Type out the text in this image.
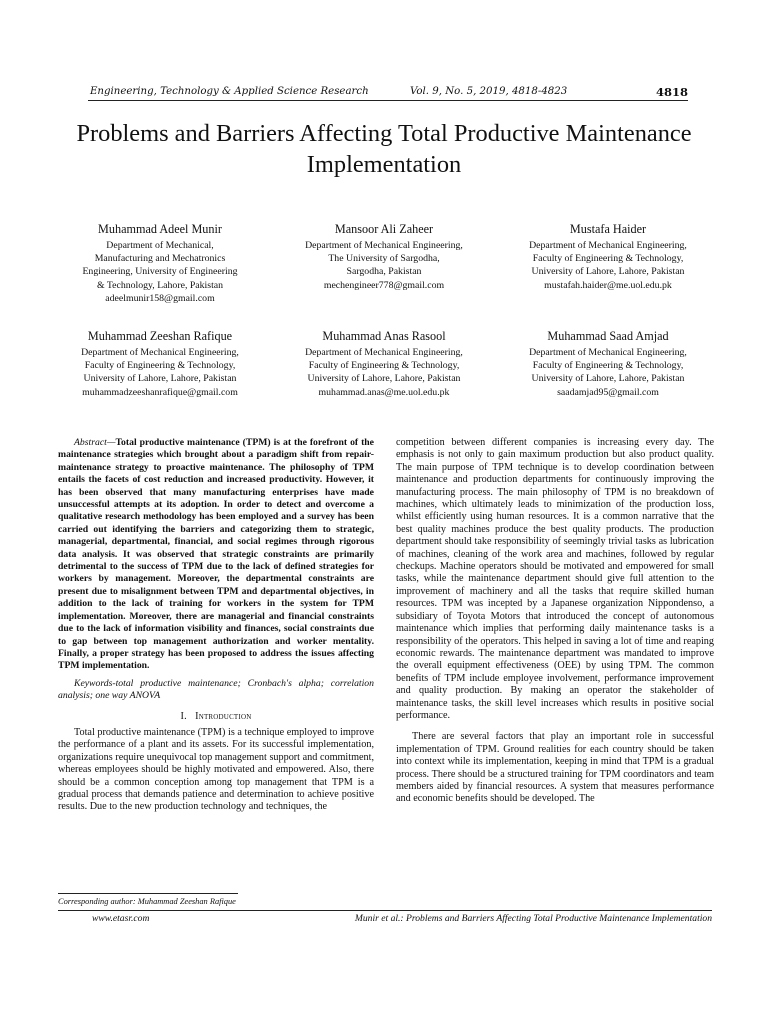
Engineering, Technology & Applied Science Research	Vol. 9, No. 5, 2019, 4818-4823	4818
Problems and Barriers Affecting Total Productive Maintenance Implementation
Muhammad Adeel Munir
Department of Mechanical,
Manufacturing and Mechatronics
Engineering, University of Engineering
& Technology, Lahore, Pakistan
adeelmunir158@gmail.com
Mansoor Ali Zaheer
Department of Mechanical Engineering,
The University of Sargodha,
Sargodha, Pakistan
mechengineer778@gmail.com
Mustafa Haider
Department of Mechanical Engineering,
Faculty of Engineering & Technology,
University of Lahore, Lahore, Pakistan
mustafah.haider@me.uol.edu.pk
Muhammad Zeeshan Rafique
Department of Mechanical Engineering,
Faculty of Engineering & Technology,
University of Lahore, Lahore, Pakistan
muhammadzeeshanrafique@gmail.com
Muhammad Anas Rasool
Department of Mechanical Engineering,
Faculty of Engineering & Technology,
University of Lahore, Lahore, Pakistan
muhammad.anas@me.uol.edu.pk
Muhammad Saad Amjad
Department of Mechanical Engineering,
Faculty of Engineering & Technology,
University of Lahore, Lahore, Pakistan
saadamjad95@gmail.com

Abstract—Total productive maintenance (TPM) is at the forefront of the maintenance strategies which brought about a paradigm shift from repair-maintenance strategy to proactive maintenance. The philosophy of TPM entails the facets of cost reduction and increased productivity. However, it has been observed that many manufacturing enterprises have made unsuccessful attempts at its adoption. In order to detect and overcome a qualitative research methodology has been employed and a survey has been carried out identifying the barriers and categorizing them to strategic, managerial, departmental, financial, and social regimes through rigorous data analysis. It was observed that strategic constraints are primarily detrimental to the success of TPM due to the lack of defined strategies for workers by management. Moreover, the departmental constraints are present due to misalignment between TPM and departmental objectives, in addition to the lack of training for workers in the system for TPM implementation. Moreover, there are managerial and financial constraints due to the lack of information visibility and finances, social constraints due to gap between top management authorization and worker mentality. Finally, a proper strategy has been proposed to address the issues affecting TPM implementation.

Keywords-total productive maintenance; Cronbach's alpha; correlation analysis; one way ANOVA

I. Introduction

Total productive maintenance (TPM) is a technique employed to improve the performance of a plant and its assets. For its successful implementation, organizations require unequivocal top management support and commitment, whereas employees should be highly motivated and empowered. Also, there should be a common conception among top management that TPM is a gradual process that demands patience and determination to achieve positive results. Due to the new production technology and techniques, the

competition between different companies is increasing every day. The emphasis is not only to gain maximum production but also product quality. The main purpose of TPM technique is to develop coordination between maintenance and production departments for continuously improving the manufacturing process. The main philosophy of TPM is no breakdown of machines, which ultimately leads to minimization of the production loss, whilst efficiently using human resources. It is a common narrative that the best quality machines produce the best quality products. The production department should take responsibility of seemingly trivial tasks as lubrication of machines, cleaning of the work area and machines, followed by regular checkups. Machine operators should be motivated and empowered for small tasks, while the maintenance department should give full attention to the improvement of machinery and all the tasks that require skilled human resources. TPM was incepted by a Japanese organization Nippondenso, a subsidiary of Toyota Motors that introduced the concept of autonomous maintenance which implies that performing daily maintenance tasks is a responsibility of the operators. This helped in saving a lot of time and reaping economic rewards. The maintenance department was mandated to improve the overall equipment effectiveness (OEE) by using TPM. The common benefits of TPM include employee involvement, performance improvement and quality production. By making an operator the stakeholder of maintenance tasks, the skill level increases which results in positive social performance.

There are several factors that play an important role in successful implementation of TPM. Ground realities for each country should be taken into context while its implementation, keeping in mind that TPM is a gradual process. There should be a structured training for TPM coordinators and team members aided by financial resources. A system that measures performance and economic benefits should be developed. The

Corresponding author: Muhammad Zeeshan Rafique
www.etasr.com	Munir et al.: Problems and Barriers Affecting Total Productive Maintenance Implementation
